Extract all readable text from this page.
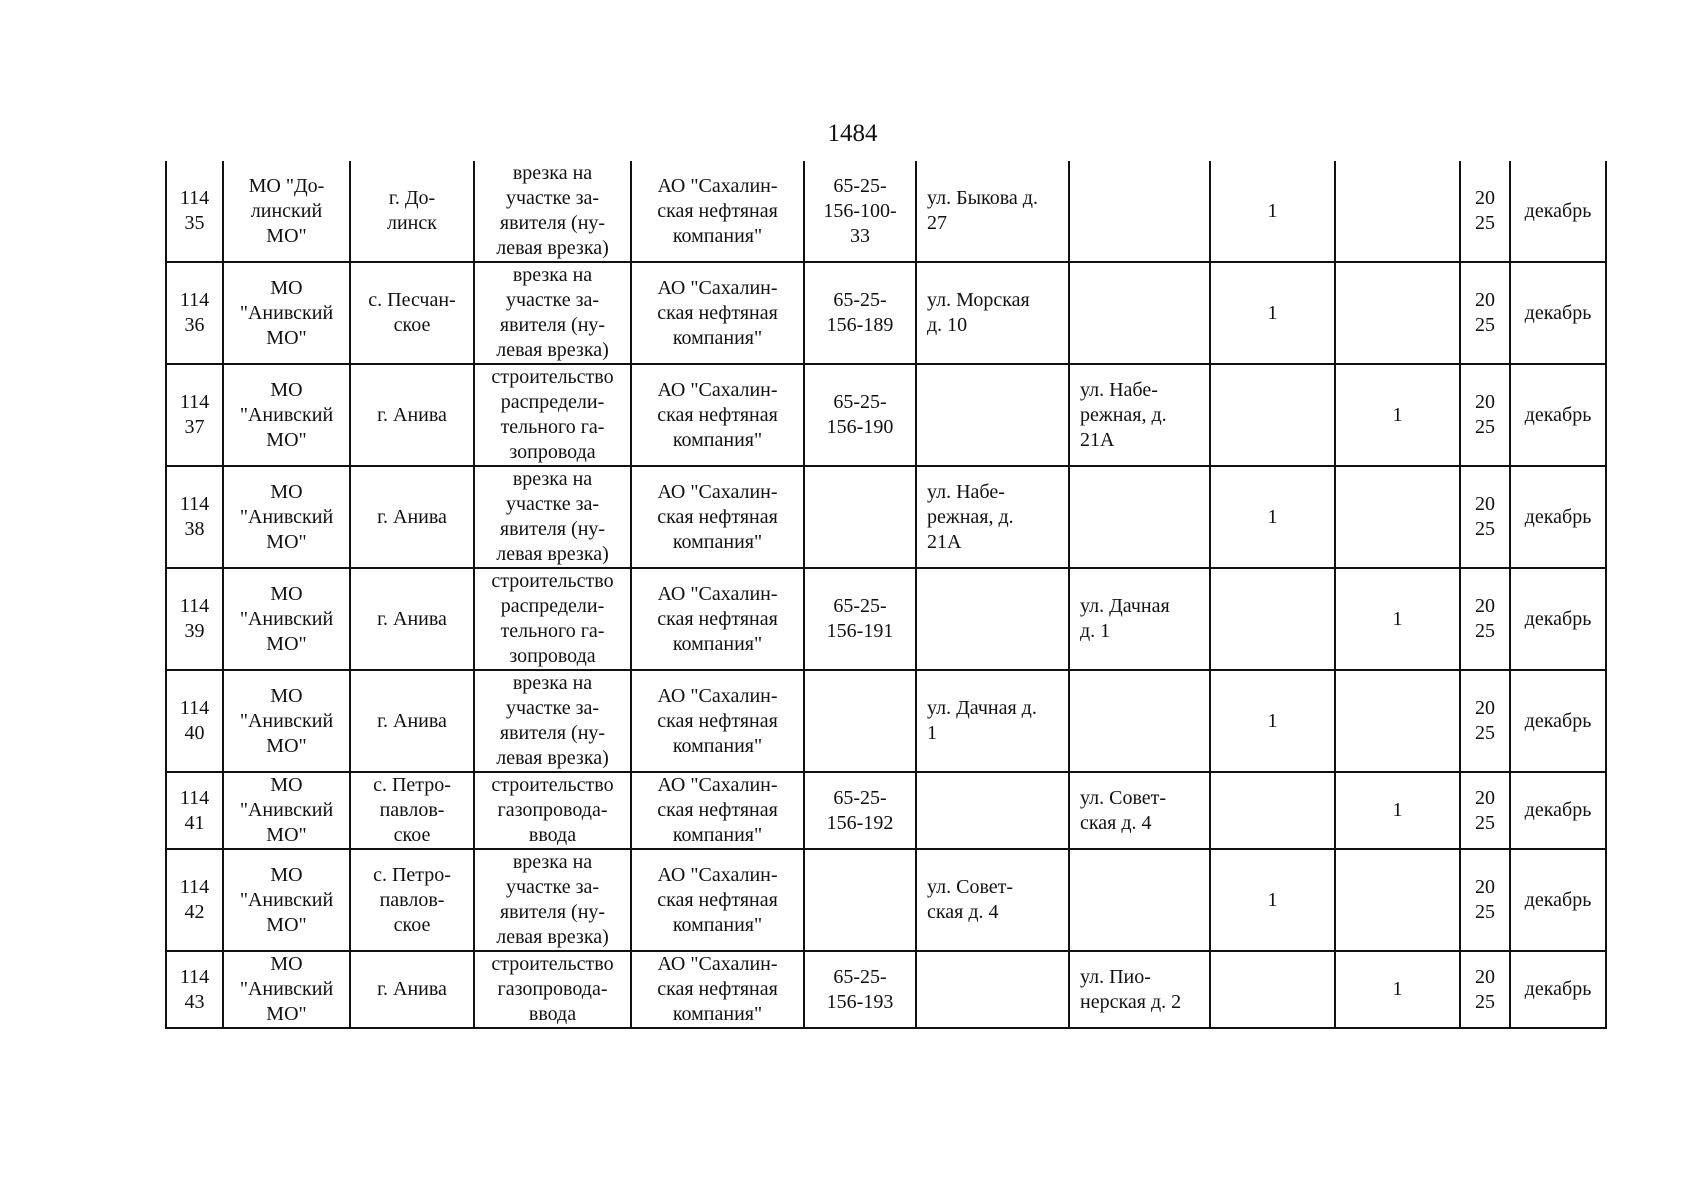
1484
114
35	МО "До-
линский
МО"	г. До-
линск	врезка на
участке за-
явителя (ну-
левая врезка)	АО "Сахалин-
ская нефтяная
компания"	65-25-
156-100-
33	ул. Быкова д.
27		1		20
25	декабрь

114
36	МО
"Анивский
МО"	с. Песчан-
ское	врезка на
участке за-
явителя (ну-
левая врезка)	АО "Сахалин-
ская нефтяная
компания"	65-25-
156-189	ул. Морская
д. 10		1		20
25	декабрь

114
37	МО
"Анивский
МО"	г. Анива	строительство
распредели-
тельного га-
зопровода	АО "Сахалин-
ская нефтяная
компания"	65-25-
156-190		ул. Набе-
режная, д.
21А		1	20
25	декабрь

114
38	МО
"Анивский
МО"	г. Анива	врезка на
участке за-
явителя (ну-
левая врезка)	АО "Сахалин-
ская нефтяная
компания"		ул. Набе-
режная, д.
21А		1		20
25	декабрь

114
39	МО
"Анивский
МО"	г. Анива	строительство
распредели-
тельного га-
зопровода	АО "Сахалин-
ская нефтяная
компания"	65-25-
156-191		ул. Дачная
д. 1		1	20
25	декабрь

114
40	МО
"Анивский
МО"	г. Анива	врезка на
участке за-
явителя (ну-
левая врезка)	АО "Сахалин-
ская нефтяная
компания"		ул. Дачная д.
1		1		20
25	декабрь

114
41	МО
"Анивский
МО"	с. Петро-
павлов-
ское	строительство
газопровода-
ввода	АО "Сахалин-
ская нефтяная
компания"	65-25-
156-192		ул. Совет-
ская д. 4		1	20
25	декабрь

114
42	МО
"Анивский
МО"	с. Петро-
павлов-
ское	врезка на
участке за-
явителя (ну-
левая врезка)	АО "Сахалин-
ская нефтяная
компания"		ул. Совет-
ская д. 4		1		20
25	декабрь

114
43	МО
"Анивский
МО"	г. Анива	строительство
газопровода-
ввода	АО "Сахалин-
ская нефтяная
компания"	65-25-
156-193		ул. Пио-
нерская д. 2		1	20
25	декабрь
